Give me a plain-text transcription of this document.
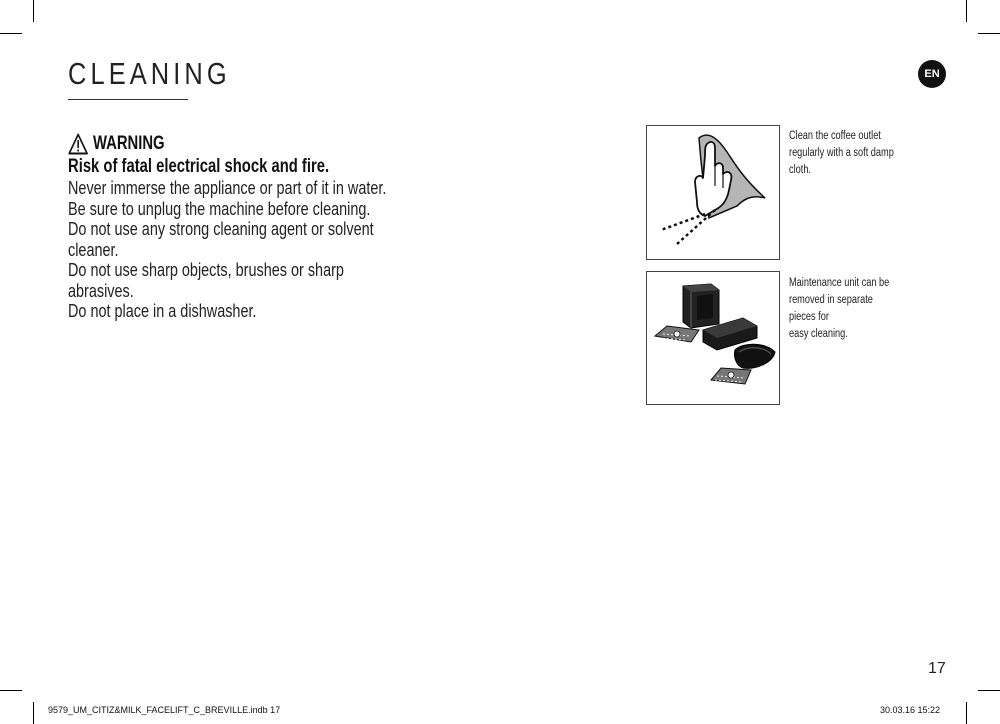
CLEANING	EN
WARNING
Risk of fatal electrical shock and fire.
Never immerse the appliance or part of it in water.
Be sure to unplug the machine before cleaning.
Do not use any strong cleaning agent or solvent cleaner.
Do not use sharp objects, brushes or sharp abrasives.
Do not place in a dishwasher.
Clean the coffee outlet
regularly with a soft damp
cloth.
Maintenance unit can be
removed in separate pieces for
easy cleaning.
17
9579_UM_CITIZ&MILK_FACELIFT_C_BREVILLE.indb 17	30.03.16 15:22
